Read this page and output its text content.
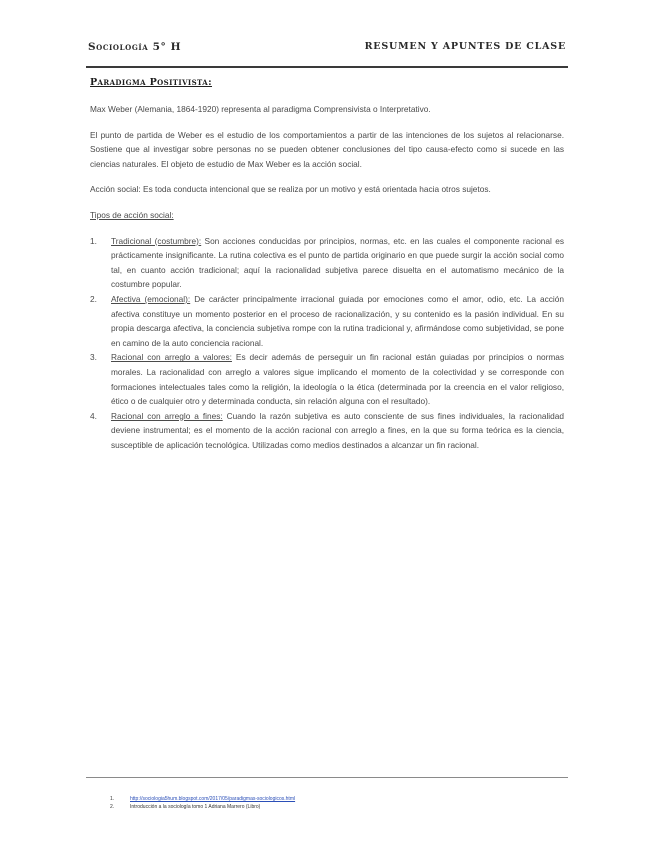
Sociología 5° H	RESUMEN Y APUNTES DE CLASE
Paradigma Positivista:

Max Weber (Alemania, 1864-1920) representa al paradigma Comprensivista o Interpretativo.

El punto de partida de Weber es el estudio de los comportamientos a partir de las intenciones de los sujetos al relacionarse. Sostiene que al investigar sobre personas no se pueden obtener conclusiones del tipo causa-efecto como si sucede en las ciencias naturales. El objeto de estudio de Max Weber es la acción social.

Acción social: Es toda conducta intencional que se realiza por un motivo y está orientada hacia otros sujetos.

Tipos de acción social:

1. Tradicional (costumbre): Son acciones conducidas por principios, normas, etc. en las cuales el componente racional es prácticamente insignificante. La rutina colectiva es el punto de partida originario en que puede surgir la acción social como tal, en cuanto acción tradicional; aquí la racionalidad subjetiva parece disuelta en el automatismo mecánico de la costumbre popular.
2. Afectiva (emocional): De carácter principalmente irracional guiada por emociones como el amor, odio, etc. La acción afectiva constituye un momento posterior en el proceso de racionalización, y su contenido es la pasión individual. En su propia descarga afectiva, la conciencia subjetiva rompe con la rutina tradicional y, afirmándose como subjetividad, se pone en camino de la auto conciencia racional.
3. Racional con arreglo a valores: Es decir además de perseguir un fin racional están guiadas por principios o normas morales. La racionalidad con arreglo a valores sigue implicando el momento de la colectividad y se corresponde con formaciones intelectuales tales como la religión, la ideología o la ética (determinada por la creencia en el valor religioso, ético o de cualquier otro y determinada conducta, sin relación alguna con el resultado).
4. Racional con arreglo a fines: Cuando la razón subjetiva es auto consciente de sus fines individuales, la racionalidad deviene instrumental; es el momento de la acción racional con arreglo a fines, en la que su forma teórica es la ciencia, susceptible de aplicación tecnológica. Utilizadas como medios destinados a alcanzar un fin racional.
1.	http://sociologia5hum.blogspot.com/2017/05/paradigmas-sociologicos.html
2.	Introducción a la sociología tomo 1 Adriana Marrero (Libro)
